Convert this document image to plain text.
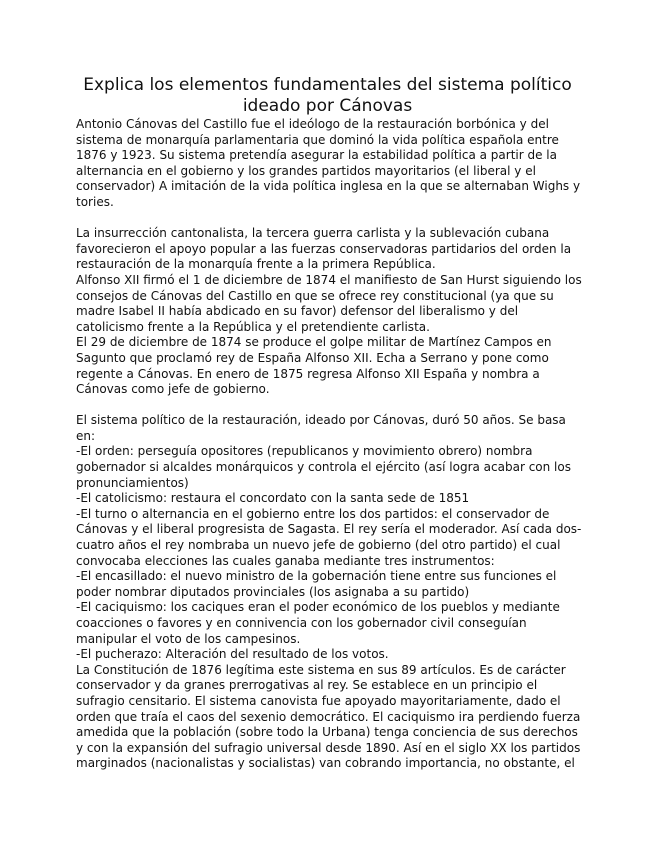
Explica los elementos fundamentales del sistema político
ideado por Cánovas
Antonio Cánovas del Castillo fue el ideólogo de la restauración borbónica y del
sistema de monarquía parlamentaria que dominó la vida política española entre
1876 y 1923. Su sistema pretendía asegurar la estabilidad política a partir de la
alternancia en el gobierno y los grandes partidos mayoritarios (el liberal y el
conservador) A imitación de la vida política inglesa en la que se alternaban Wighs y
tories.
La insurrección cantonalista, la tercera guerra carlista y la sublevación cubana
favorecieron el apoyo popular a las fuerzas conservadoras partidarios del orden la
restauración de la monarquía frente a la primera República.
Alfonso XII firmó el 1 de diciembre de 1874 el manifiesto de San Hurst siguiendo los
consejos de Cánovas del Castillo en que se ofrece rey constitucional (ya que su
madre Isabel II había abdicado en su favor) defensor del liberalismo y del
catolicismo frente a la República y el pretendiente carlista.
El 29 de diciembre de 1874 se produce el golpe militar de Martínez Campos en
Sagunto que proclamó rey de España Alfonso XII. Echa a Serrano y pone como
regente a Cánovas. En enero de 1875 regresa Alfonso XII España y nombra a
Cánovas como jefe de gobierno.
El sistema político de la restauración, ideado por Cánovas, duró 50 años. Se basa
en:
-El orden: perseguía opositores (republicanos y movimiento obrero) nombra
gobernador si alcaldes monárquicos y controla el ejército (así logra acabar con los
pronunciamientos)
-El catolicismo: restaura el concordato con la santa sede de 1851
-El turno o alternancia en el gobierno entre los dos partidos: el conservador de
Cánovas y el liberal progresista de Sagasta. El rey sería el moderador. Así cada dos-
cuatro años el rey nombraba un nuevo jefe de gobierno (del otro partido) el cual
convocaba elecciones las cuales ganaba mediante tres instrumentos:
-El encasillado: el nuevo ministro de la gobernación tiene entre sus funciones el
poder nombrar diputados provinciales (los asignaba a su partido)
-El caciquismo: los caciques eran el poder económico de los pueblos y mediante
coacciones o favores y en connivencia con los gobernador civil conseguían
manipular el voto de los campesinos.
-El pucherazo: Alteración del resultado de los votos.
La Constitución de 1876 legítima este sistema en sus 89 artículos. Es de carácter
conservador y da granes prerrogativas al rey. Se establece en un principio el
sufragio censitario. El sistema canovista fue apoyado mayoritariamente, dado el
orden que traía el caos del sexenio democrático. El caciquismo ira perdiendo fuerza
amedida que la población (sobre todo la Urbana) tenga conciencia de sus derechos
y con la expansión del sufragio universal desde 1890. Así en el siglo XX los partidos
marginados (nacionalistas y socialistas) van cobrando importancia, no obstante, el
